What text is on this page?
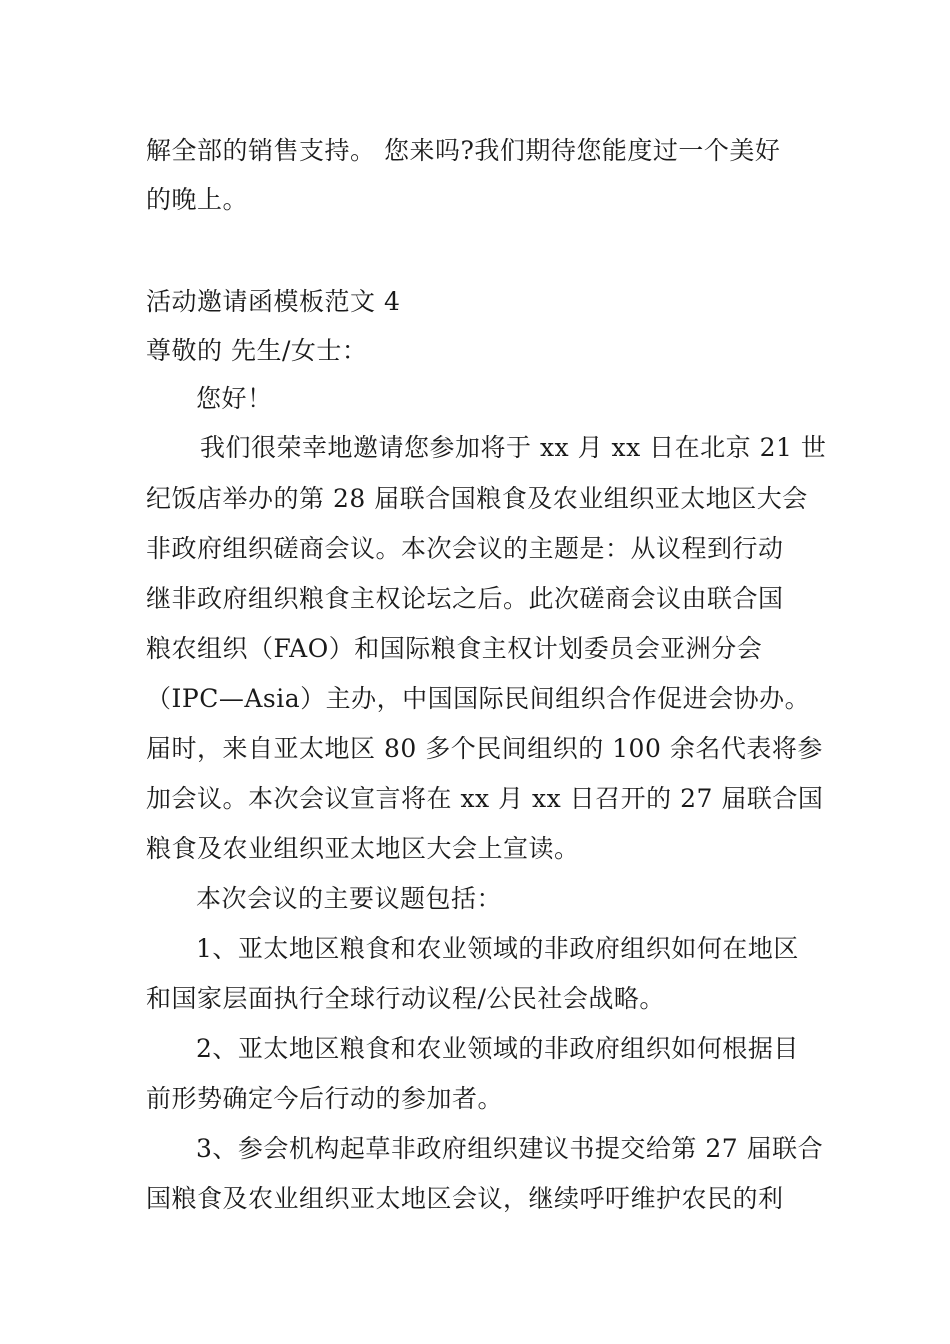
解全部的销售支持。 您来吗?我们期待您能度过一个美好
的晚上。
活动邀请函模板范文 4
尊敬的 先生/女士：
您好！
我们很荣幸地邀请您参加将于 xx 月 xx 日在北京 21 世
纪饭店举办的第 28 届联合国粮食及农业组织亚太地区大会
非政府组织磋商会议。本次会议的主题是：从议程到行动
继非政府组织粮食主权论坛之后。此次磋商会议由联合国
粮农组织（FAO）和国际粮食主权计划委员会亚洲分会
（IPC—Asia）主办，中国国际民间组织合作促进会协办。
届时，来自亚太地区 80 多个民间组织的 100 余名代表将参
加会议。本次会议宣言将在 xx 月 xx 日召开的 27 届联合国
粮食及农业组织亚太地区大会上宣读。
本次会议的主要议题包括：
1、亚太地区粮食和农业领域的非政府组织如何在地区
和国家层面执行全球行动议程/公民社会战略。
2、亚太地区粮食和农业领域的非政府组织如何根据目
前形势确定今后行动的参加者。
3、参会机构起草非政府组织建议书提交给第 27 届联合
国粮食及农业组织亚太地区会议，继续呼吁维护农民的利
